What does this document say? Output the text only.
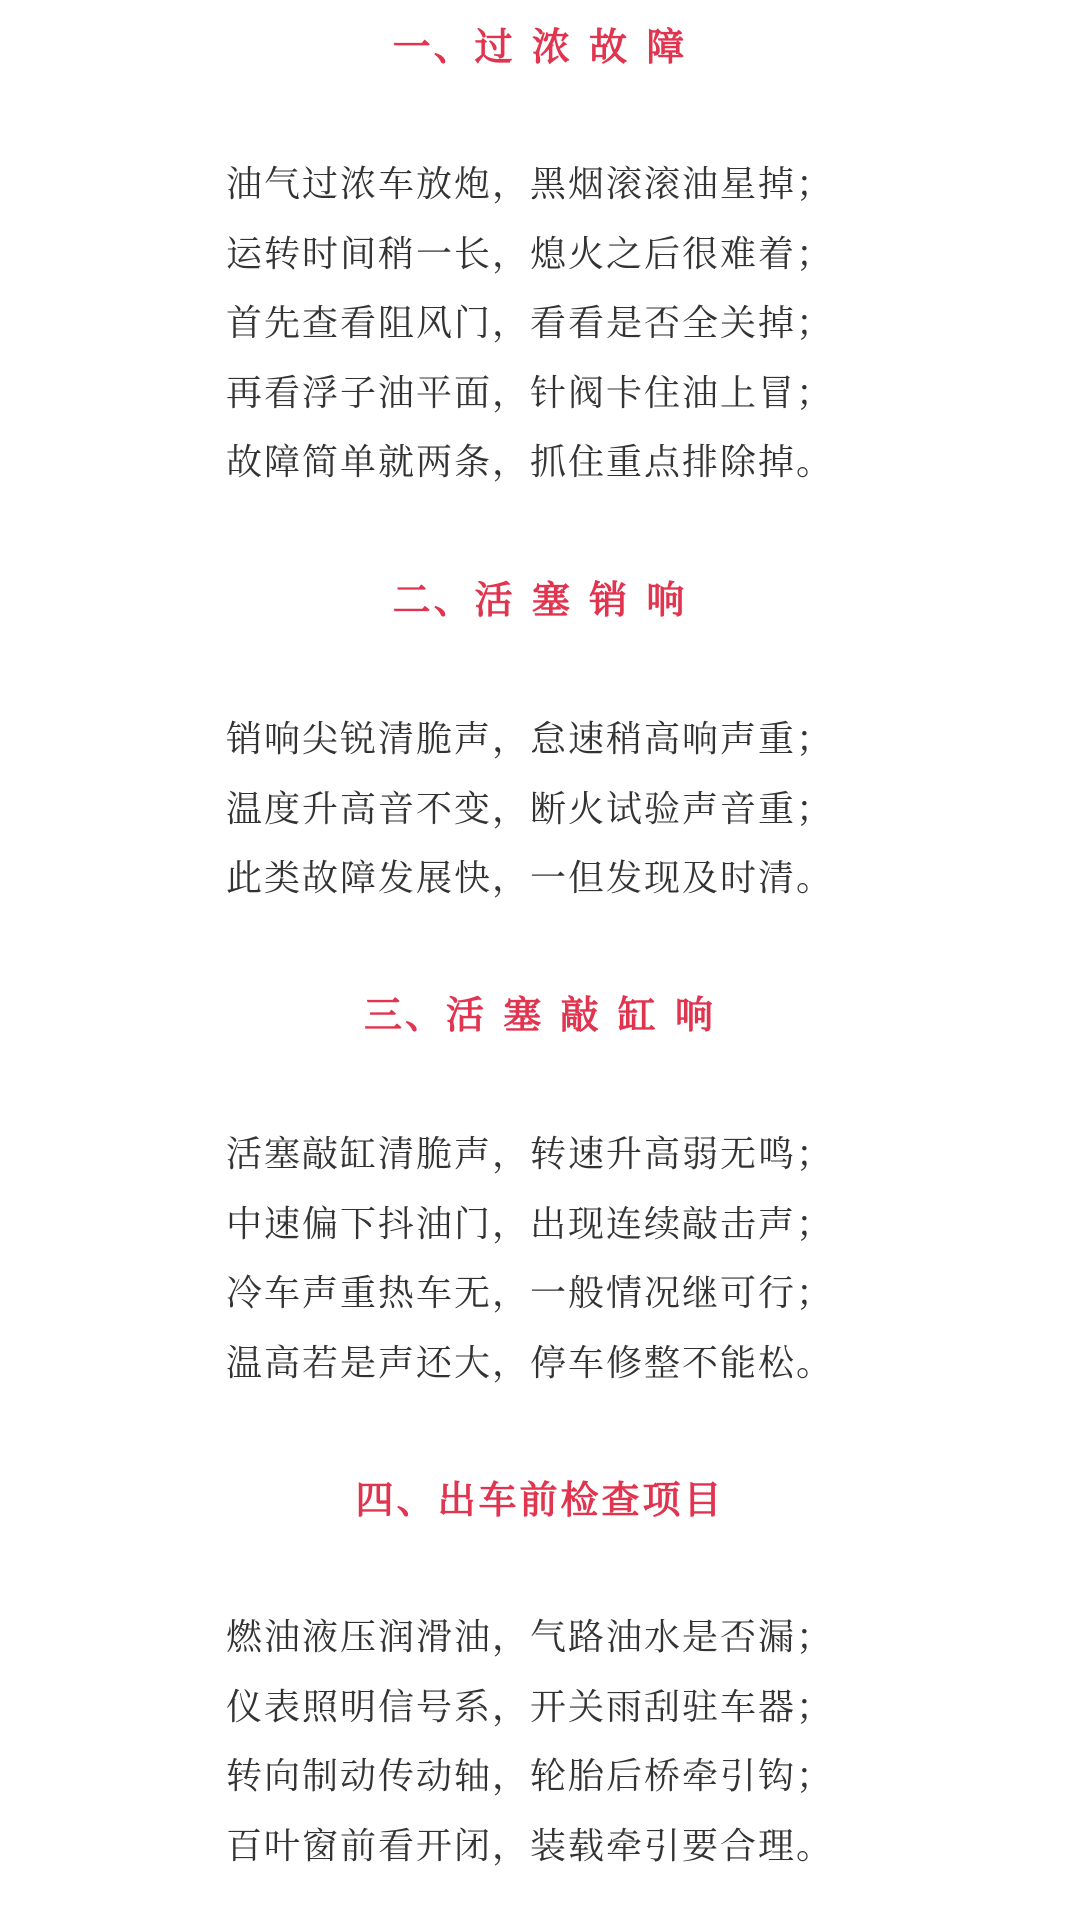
一、过 浓 故 障
油气过浓车放炮，黑烟滚滚油星掉；
运转时间稍一长，熄火之后很难着；
首先查看阻风门，看看是否全关掉；
再看浮子油平面，针阀卡住油上冒；
故障简单就两条，抓住重点排除掉。
二、活 塞 销 响
销响尖锐清脆声，怠速稍高响声重；
温度升高音不变，断火试验声音重；
此类故障发展快，一但发现及时清。
三、活 塞 敲 缸 响
活塞敲缸清脆声，转速升高弱无鸣；
中速偏下抖油门，出现连续敲击声；
冷车声重热车无，一般情况继可行；
温高若是声还大，停车修整不能松。
四、出车前检查项目
燃油液压润滑油，气路油水是否漏；
仪表照明信号系，开关雨刮驻车器；
转向制动传动轴，轮胎后桥牵引钩；
百叶窗前看开闭，装载牵引要合理。
